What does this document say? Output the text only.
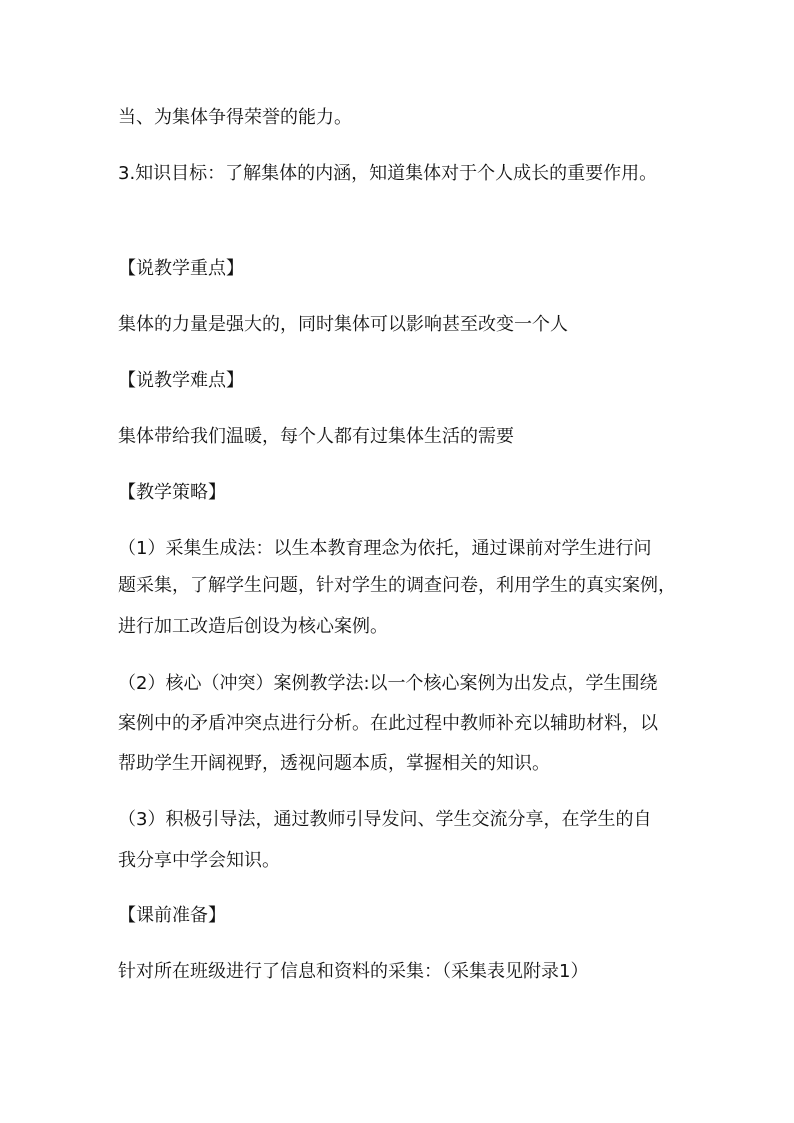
当、为集体争得荣誉的能力。
3.知识目标：了解集体的内涵，知道集体对于个人成长的重要作用。
【说教学重点】
集体的力量是强大的，同时集体可以影响甚至改变一个人
【说教学难点】
集体带给我们温暖，每个人都有过集体生活的需要
【教学策略】
（1）采集生成法：以生本教育理念为依托，通过课前对学生进行问
题采集，了解学生问题，针对学生的调查问卷，利用学生的真实案例，
进行加工改造后创设为核心案例。
（2）核心（冲突）案例教学法:以一个核心案例为出发点，学生围绕
案例中的矛盾冲突点进行分析。在此过程中教师补充以辅助材料，以
帮助学生开阔视野，透视问题本质，掌握相关的知识。
（3）积极引导法，通过教师引导发问、学生交流分享，在学生的自
我分享中学会知识。
【课前准备】
针对所在班级进行了信息和资料的采集：（采集表见附录1）
